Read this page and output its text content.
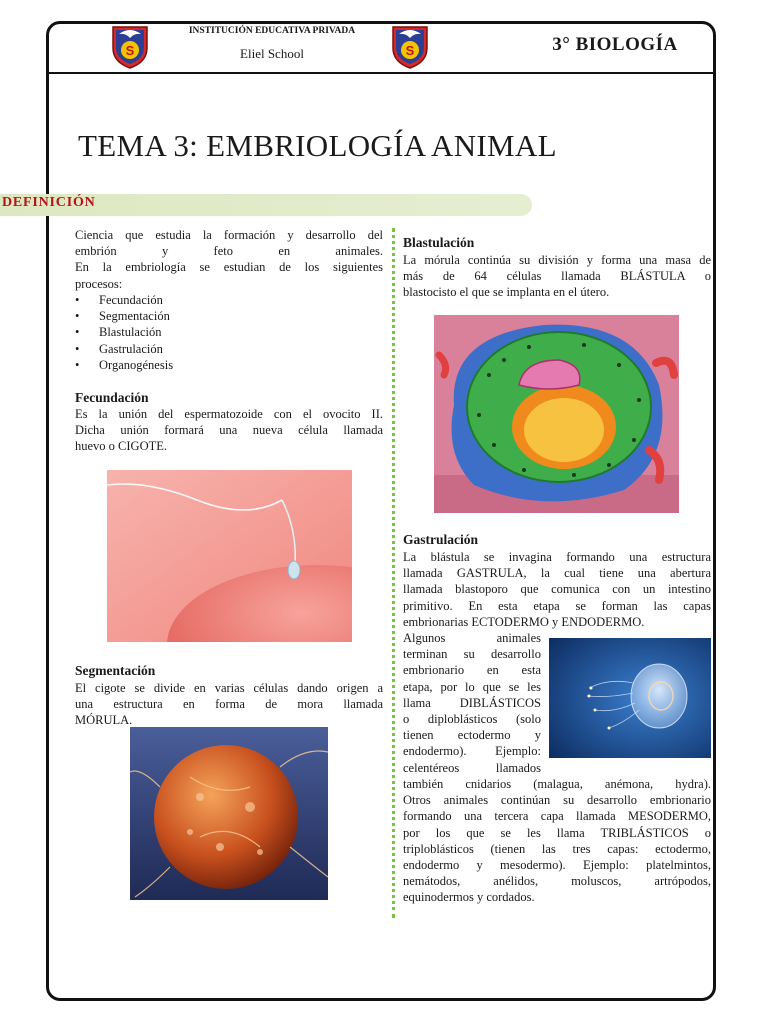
S	S
INSTITUCIÓN EDUCATIVA PRIVADA
Eliel School	3° BIOLOGÍA
TEMA 3: EMBRIOLOGÍA ANIMAL
DEFINICIÓN
Ciencia que estudia la formación y desarrollo del
embrión y feto en animales.
En la embriología se estudian de los siguientes
procesos:
• Fecundación
• Segmentación
• Blastulación
• Gastrulación
• Organogénesis
Fecundación
Es la unión del espermatozoide con el ovocito II.
Dicha unión formará una nueva célula llamada
huevo o CIGOTE.
Segmentación
El cigote se divide en varias células dando origen a
una estructura en forma de mora llamada
MÓRULA.
Blastulación
La mórula continúa su división y forma una masa de
más de 64 células llamada BLÁSTULA o
blastocisto el que se implanta en el útero.
Gastrulación
La blástula se invagina formando una estructura
llamada GASTRULA, la cual tiene una abertura
llamada blastoporo que comunica con un intestino
primitivo. En esta etapa se forman las capas
embrionarias ECTODERMO y ENDODERMO.
Algunos animales
terminan su desarrollo
embrionario en esta
etapa, por lo que se les
llama DIBLÁSTICOS
o diploblásticos (solo
tienen ectodermo y
endodermo). Ejemplo:
celentéreos llamados
también cnidarios (malagua, anémona, hydra).
Otros animales continúan su desarrollo embrionario
formando una tercera capa llamada MESODERMO,
por los que se les llama TRIBLÁSTICOS o
triploblásticos (tienen las tres capas: ectodermo,
endodermo y mesodermo). Ejemplo: platelmintos,
nemátodos, anélidos, moluscos, artrópodos,
equinodermos y cordados.
